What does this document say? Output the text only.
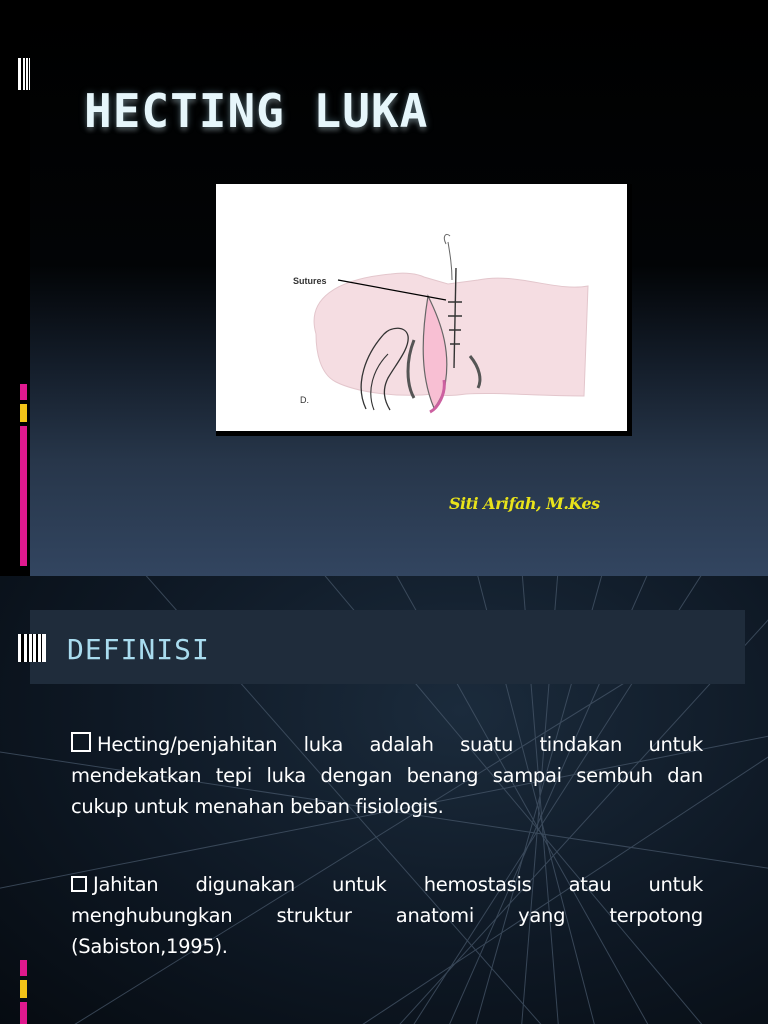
HECTING LUKA
Sutures
D.
Siti Arifah, M.Kes
DEFINISI

Hecting/penjahitan luka adalah suatu tindakan untuk mendekatkan tepi luka dengan benang sampai sembuh dan cukup untuk menahan beban fisiologis.

Jahitan digunakan untuk hemostasis atau untuk menghubungkan struktur anatomi yang terpotong (Sabiston,1995).
